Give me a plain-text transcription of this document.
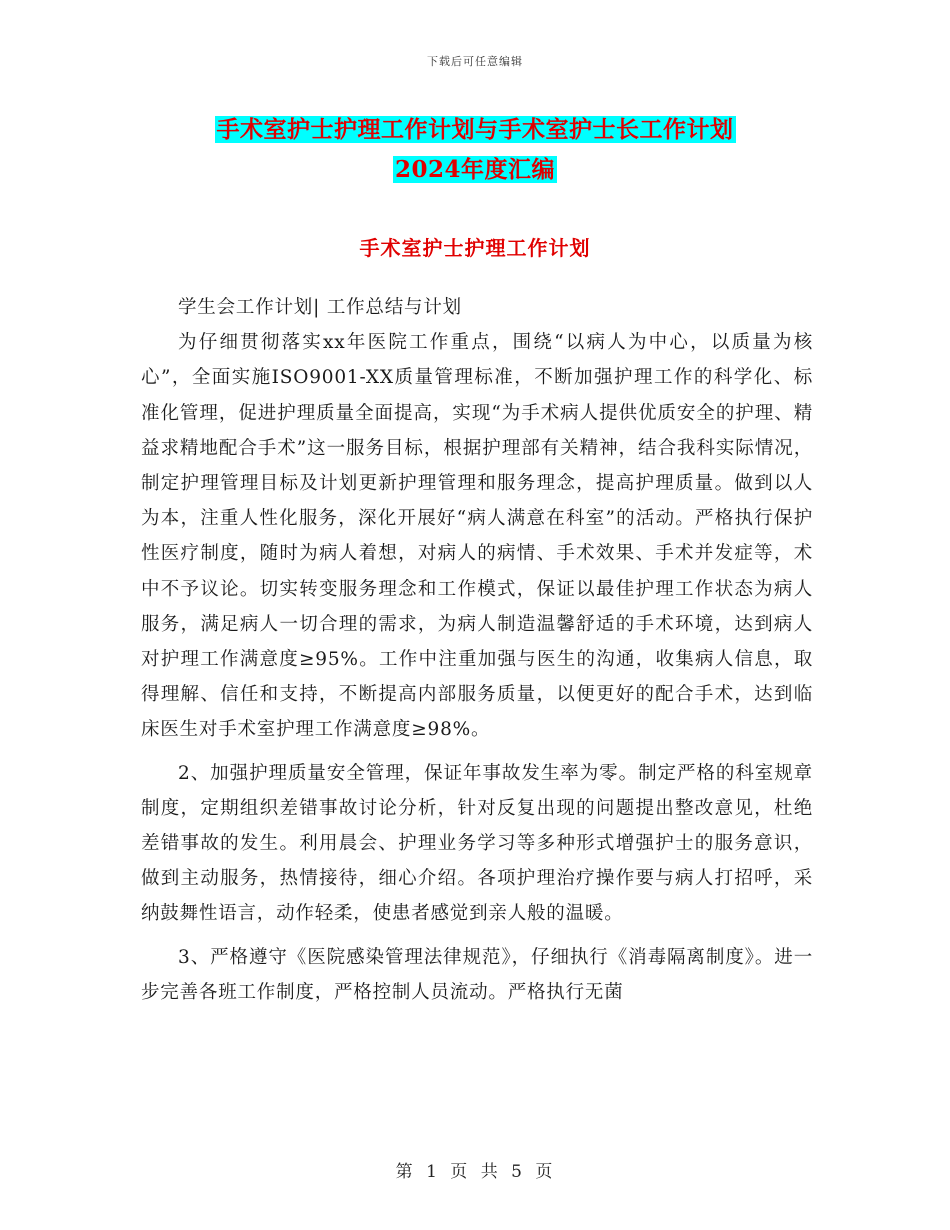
下载后可任意编辑
手术室护士护理工作计划与手术室护士长工作计划
2024年度汇编
手术室护士护理工作计划

学生会工作计划| 工作总结与计划

为仔细贯彻落实xx年医院工作重点，围绕“以病人为中心，以质量为核心”，全面实施ISO9001-XX质量管理标准，不断加强护理工作的科学化、标准化管理，促进护理质量全面提高，实现“为手术病人提供优质安全的护理、精益求精地配合手术”这一服务目标，根据护理部有关精神，结合我科实际情况，制定护理管理目标及计划更新护理管理和服务理念，提高护理质量。做到以人为本，注重人性化服务，深化开展好“病人满意在科室”的活动。严格执行保护性医疗制度，随时为病人着想，对病人的病情、手术效果、手术并发症等，术中不予议论。切实转变服务理念和工作模式，保证以最佳护理工作状态为病人服务，满足病人一切合理的需求，为病人制造温馨舒适的手术环境，达到病人对护理工作满意度≥95%。工作中注重加强与医生的沟通，收集病人信息，取得理解、信任和支持，不断提高内部服务质量，以便更好的配合手术，达到临床医生对手术室护理工作满意度≥98%。

2、加强护理质量安全管理，保证年事故发生率为零。制定严格的科室规章制度，定期组织差错事故讨论分析，针对反复出现的问题提出整改意见，杜绝差错事故的发生。利用晨会、护理业务学习等多种形式增强护士的服务意识，做到主动服务，热情接待，细心介绍。各项护理治疗操作要与病人打招呼，采纳鼓舞性语言，动作轻柔，使患者感觉到亲人般的温暖。

3、严格遵守《医院感染管理法律规范》，仔细执行《消毒隔离制度》。进一步完善各班工作制度，严格控制人员流动。严格执行无菌

第 1 页 共 5 页
